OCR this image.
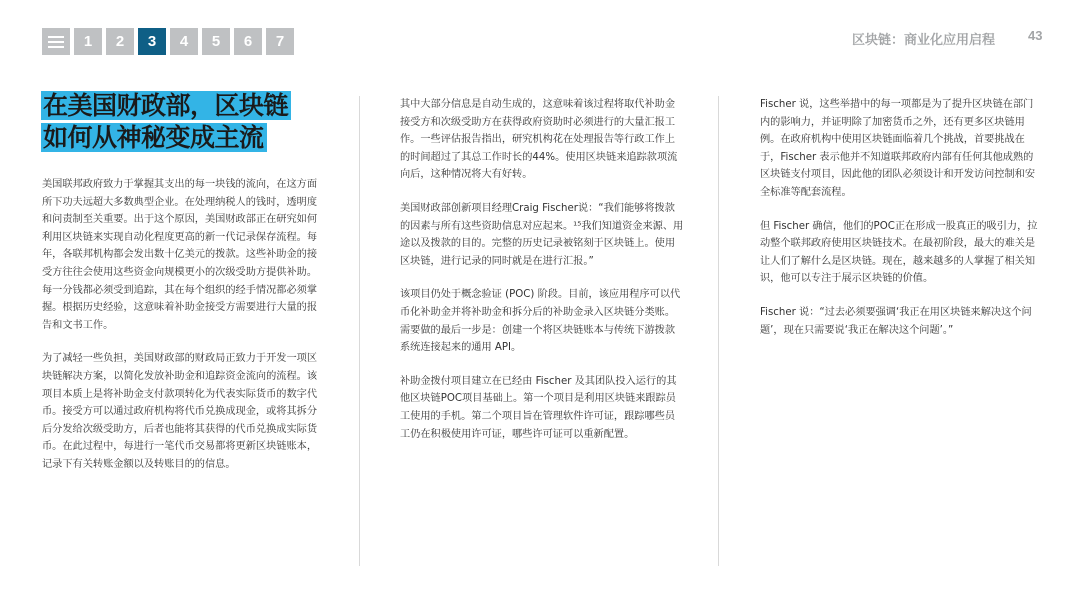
1	2	3	4	5	6	7	区块链：商业化应用启程	43
在美国财政部，区块链
如何从神秘变成主流

美国联邦政府致力于掌握其支出的每一块钱的流向，在这方面所下功夫远超大多数典型企业。在处理纳税人的钱时，透明度和问责制至关重要。出于这个原因，美国财政部正在研究如何利用区块链来实现自动化程度更高的新一代记录保存流程。每年，各联邦机构都会发出数十亿美元的拨款。这些补助金的接受方往往会使用这些资金向规模更小的次级受助方提供补助。每一分钱都必须受到追踪，其在每个组织的经手情况都必须掌握。根据历史经验，这意味着补助金接受方需要进行大量的报告和文书工作。

为了减轻一些负担，美国财政部的财政局正致力于开发一项区块链解决方案，以简化发放补助金和追踪资金流向的流程。该项目本质上是将补助金支付款项转化为代表实际货币的数字代币。接受方可以通过政府机构将代币兑换成现金，或将其拆分后分发给次级受助方，后者也能将其获得的代币兑换成实际货币。在此过程中，每进行一笔代币交易都将更新区块链账本，记录下有关转账金额以及转账目的的信息。

其中大部分信息是自动生成的，这意味着该过程将取代补助金接受方和次级受助方在获得政府资助时必须进行的大量汇报工作。一些评估报告指出，研究机构花在处理报告等行政工作上的时间超过了其总工作时长的44%。使用区块链来追踪款项流向后，这种情况将大有好转。

美国财政部创新项目经理Craig Fischer说：“我们能够将拨款的因素与所有这些资助信息对应起来。¹⁵我们知道资金来源、用途以及拨款的目的。完整的历史记录被铭刻于区块链上。使用区块链，进行记录的同时就是在进行汇报。”

该项目仍处于概念验证 (POC) 阶段。目前，该应用程序可以代币化补助金并将补助金和拆分后的补助金录入区块链分类账。需要做的最后一步是：创建一个将区块链账本与传统下游拨款系统连接起来的通用 API。

补助金拨付项目建立在已经由 Fischer 及其团队投入运行的其他区块链POC项目基础上。第一个项目是利用区块链来跟踪员工使用的手机。第二个项目旨在管理软件许可证，跟踪哪些员工仍在积极使用许可证，哪些许可证可以重新配置。

Fischer 说，这些举措中的每一项都是为了提升区块链在部门内的影响力，并证明除了加密货币之外，还有更多区块链用例。在政府机构中使用区块链面临着几个挑战，首要挑战在于，Fischer 表示他并不知道联邦政府内部有任何其他成熟的区块链支付项目，因此他的团队必须设计和开发访问控制和安全标准等配套流程。

但 Fischer 确信，他们的POC正在形成一股真正的吸引力，拉动整个联邦政府使用区块链技术。在最初阶段，最大的难关是让人们了解什么是区块链。现在，越来越多的人掌握了相关知识，他可以专注于展示区块链的价值。

Fischer 说：“过去必须要强调‘我正在用区块链来解决这个问题’，现在只需要说‘我正在解决这个问题’。”
